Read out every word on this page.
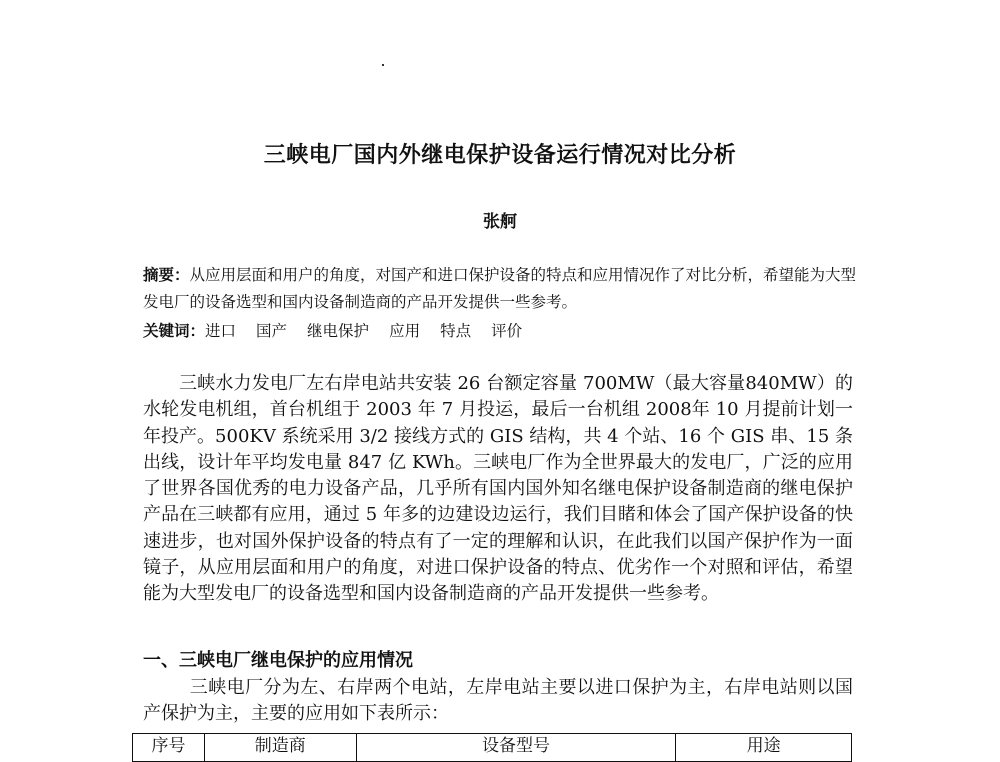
三峡电厂国内外继电保护设备运行情况对比分析
张舸

摘要：从应用层面和用户的角度，对国产和进口保护设备的特点和应用情况作了对比分析，希望能为大型发电厂的设备选型和国内设备制造商的产品开发提供一些参考。

关键词：进口 国产 继电保护 应用 特点 评价

三峡水力发电厂左右岸电站共安装 26 台额定容量 700MW（最大容量840MW）的水轮发电机组，首台机组于 2003 年 7 月投运，最后一台机组 2008年 10 月提前计划一年投产。500KV 系统采用 3/2 接线方式的 GIS 结构，共 4 个站、16 个 GIS 串、15 条出线，设计年平均发电量 847 亿 KWh。三峡电厂作为全世界最大的发电厂，广泛的应用了世界各国优秀的电力设备产品，几乎所有国内国外知名继电保护设备制造商的继电保护产品在三峡都有应用，通过 5 年多的边建设边运行，我们目睹和体会了国产保护设备的快速进步，也对国外保护设备的特点有了一定的理解和认识，在此我们以国产保护作为一面镜子，从应用层面和用户的角度，对进口保护设备的特点、优劣作一个对照和评估，希望能为大型发电厂的设备选型和国内设备制造商的产品开发提供一些参考。

一、三峡电厂继电保护的应用情况

三峡电厂分为左、右岸两个电站，左岸电站主要以进口保护为主，右岸电站则以国产保护为主，主要的应用如下表所示：

序号	制造商	设备型号	用途
